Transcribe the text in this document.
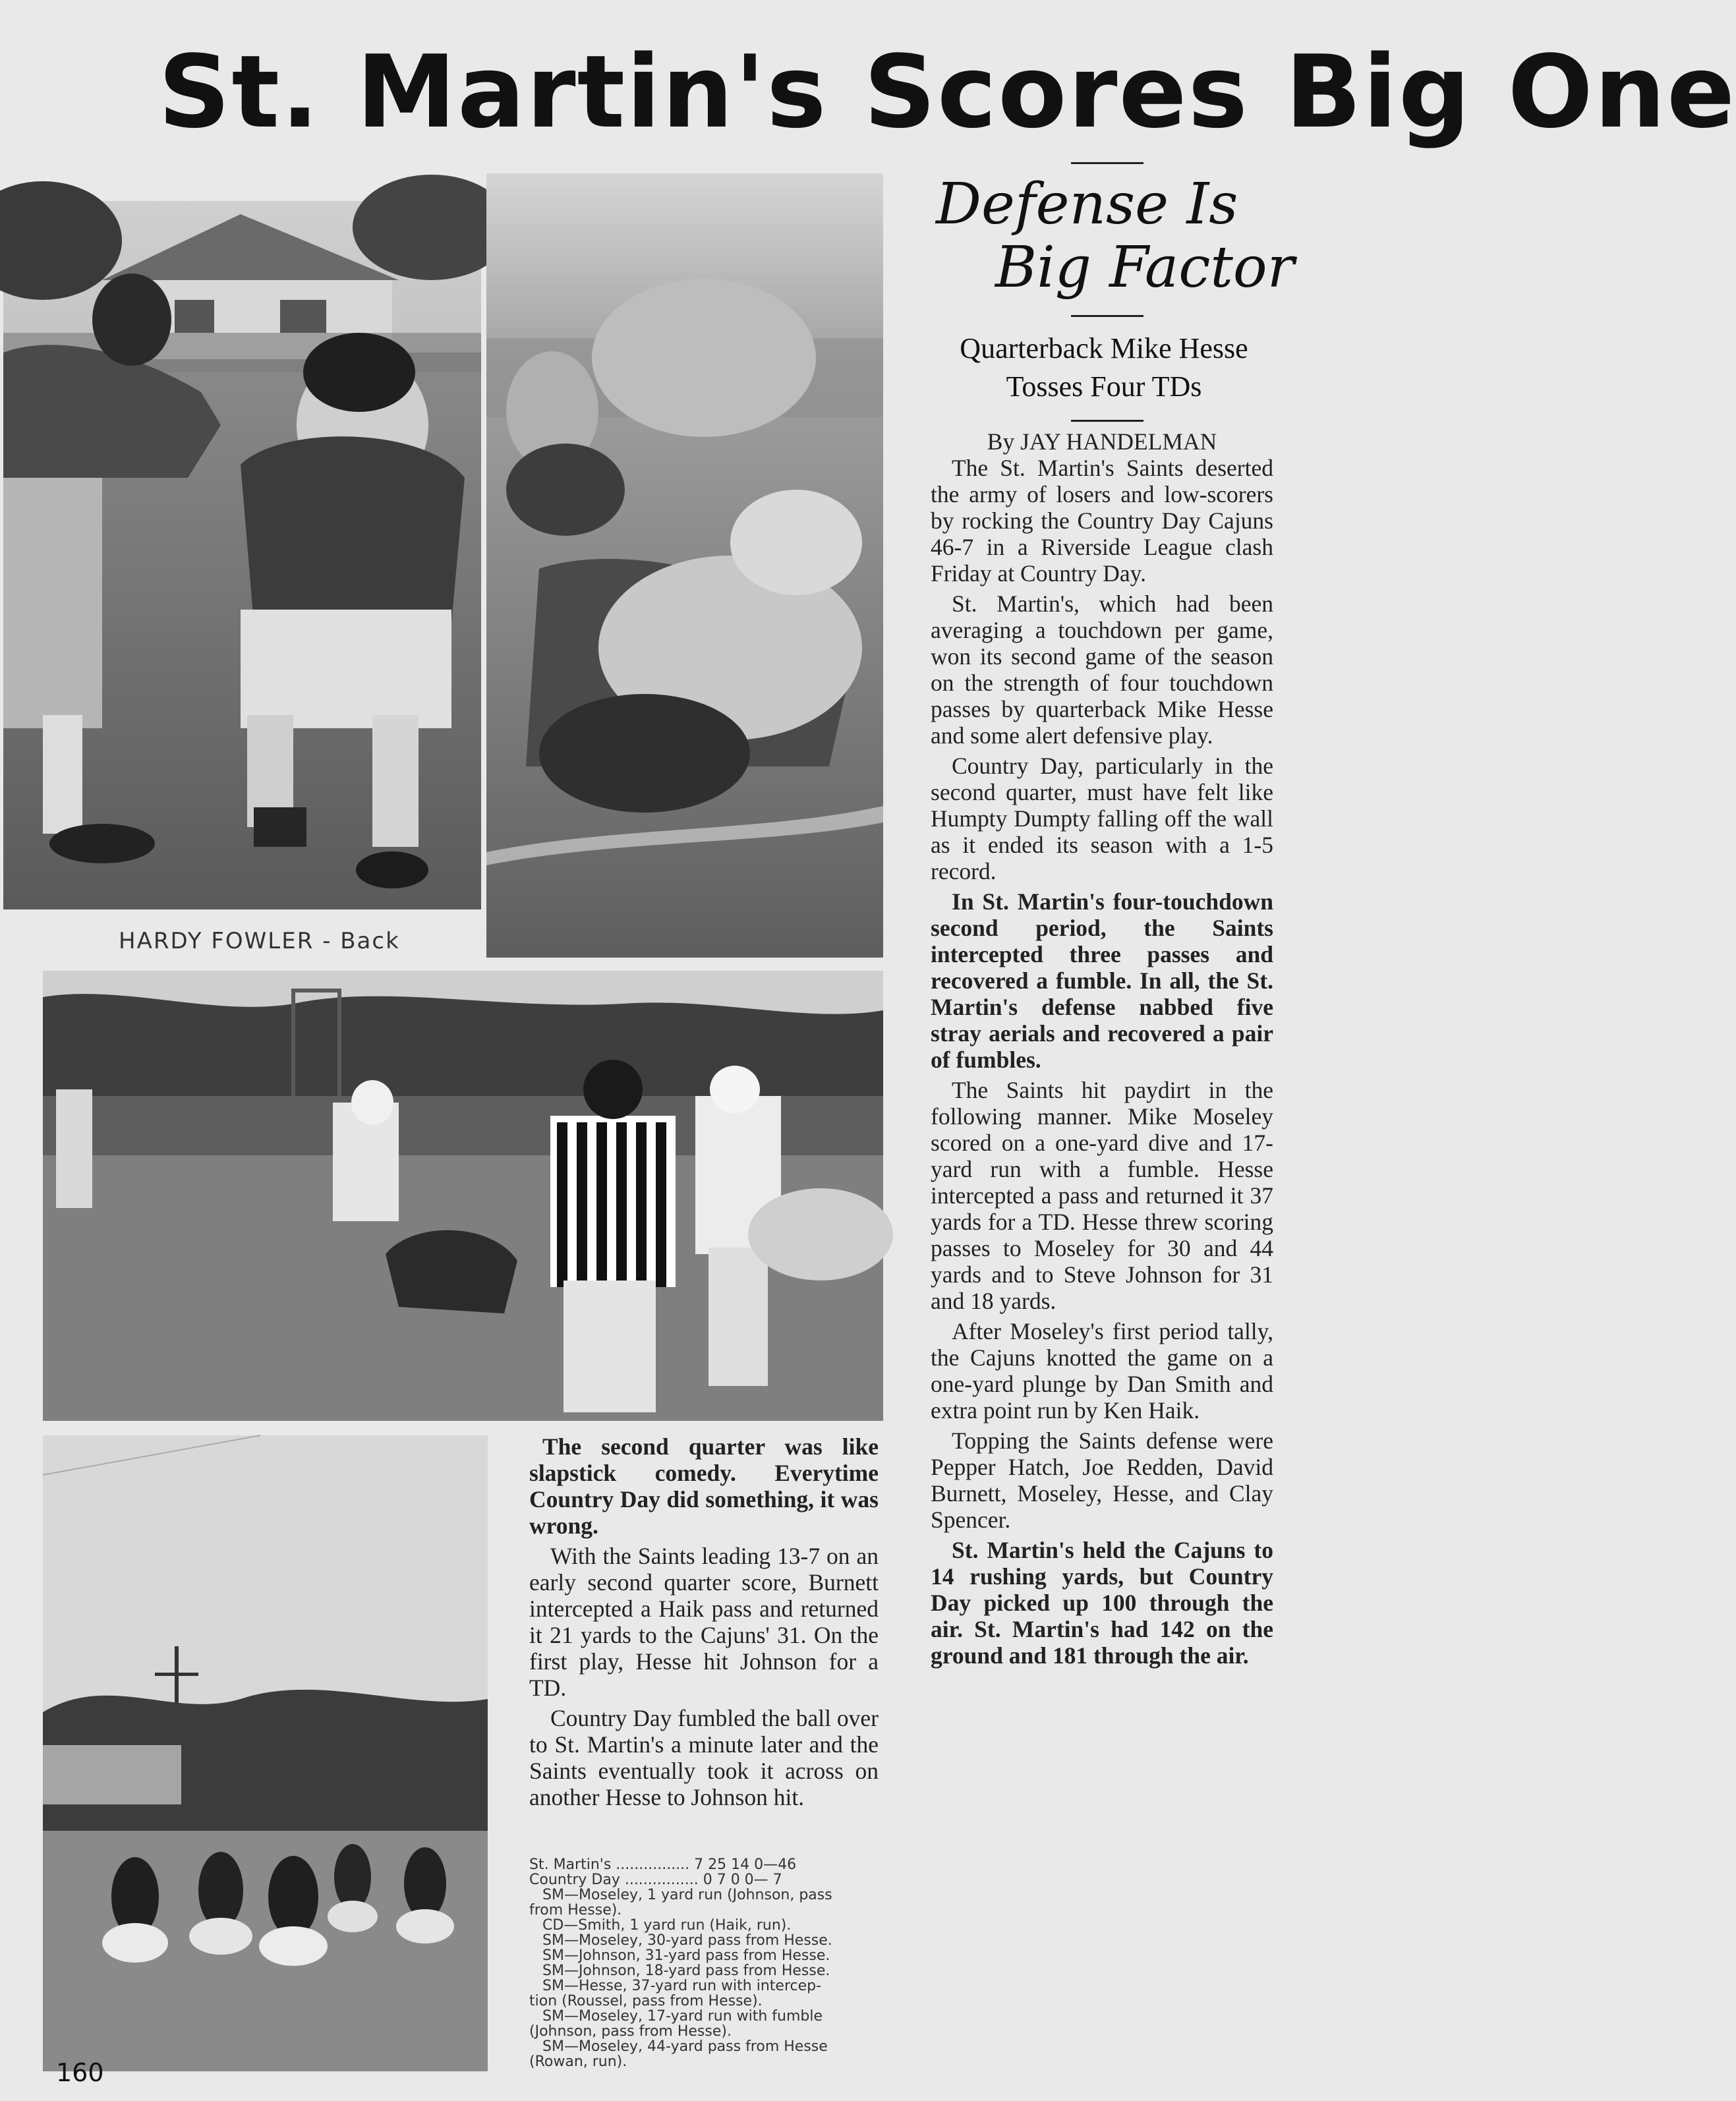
St. Martin's Scores Big One
HARDY FOWLER - Back
Defense Is
Big Factor
Quarterback Mike Hesse
Tosses Four TDs

By JAY HANDELMAN

The St. Martin's Saints deserted the army of losers and low-scorers by rocking the Country Day Cajuns 46-7 in a Riverside League clash Friday at Country Day.

St. Martin's, which had been averaging a touchdown per game, won its second game of the season on the strength of four touchdown passes by quarterback Mike Hesse and some alert defensive play.

Country Day, particularly in the second quarter, must have felt like Humpty Dumpty falling off the wall as it ended its season with a 1-5 record.

In St. Martin's four-touchdown second period, the Saints intercepted three passes and recovered a fumble. In all, the St. Martin's defense nabbed five stray aerials and recovered a pair of fumbles.

The Saints hit paydirt in the following manner. Mike Moseley scored on a one-yard dive and 17-yard run with a fumble. Hesse intercepted a pass and returned it 37 yards for a TD. Hesse threw scoring passes to Moseley for 30 and 44 yards and to Steve Johnson for 31 and 18 yards.

After Moseley's first period tally, the Cajuns knotted the game on a one-yard plunge by Dan Smith and extra point run by Ken Haik.

Topping the Saints defense were Pepper Hatch, Joe Redden, David Burnett, Moseley, Hesse, and Clay Spencer.

St. Martin's held the Cajuns to 14 rushing yards, but Country Day picked up 100 through the air. St. Martin's had 142 on the ground and 181 through the air.

The second quarter was like slapstick comedy. Everytime Country Day did something, it was wrong.

With the Saints leading 13-7 on an early second quarter score, Burnett intercepted a Haik pass and returned it 21 yards to the Cajuns' 31. On the first play, Hesse hit Johnson for a TD.

Country Day fumbled the ball over to St. Martin's a minute later and the Saints eventually took it across on another Hesse to Johnson hit.

St. Martin's ................ 7 25 14 0—46
Country Day ................ 0 7 0 0— 7
SM—Moseley, 1 yard run (Johnson, pass
from Hesse).
CD—Smith, 1 yard run (Haik, run).
SM—Moseley, 30-yard pass from Hesse.
SM—Johnson, 31-yard pass from Hesse.
SM—Johnson, 18-yard pass from Hesse.
SM—Hesse, 37-yard run with intercep-
tion (Roussel, pass from Hesse).
SM—Moseley, 17-yard run with fumble
(Johnson, pass from Hesse).
SM—Moseley, 44-yard pass from Hesse
(Rowan, run).
160
